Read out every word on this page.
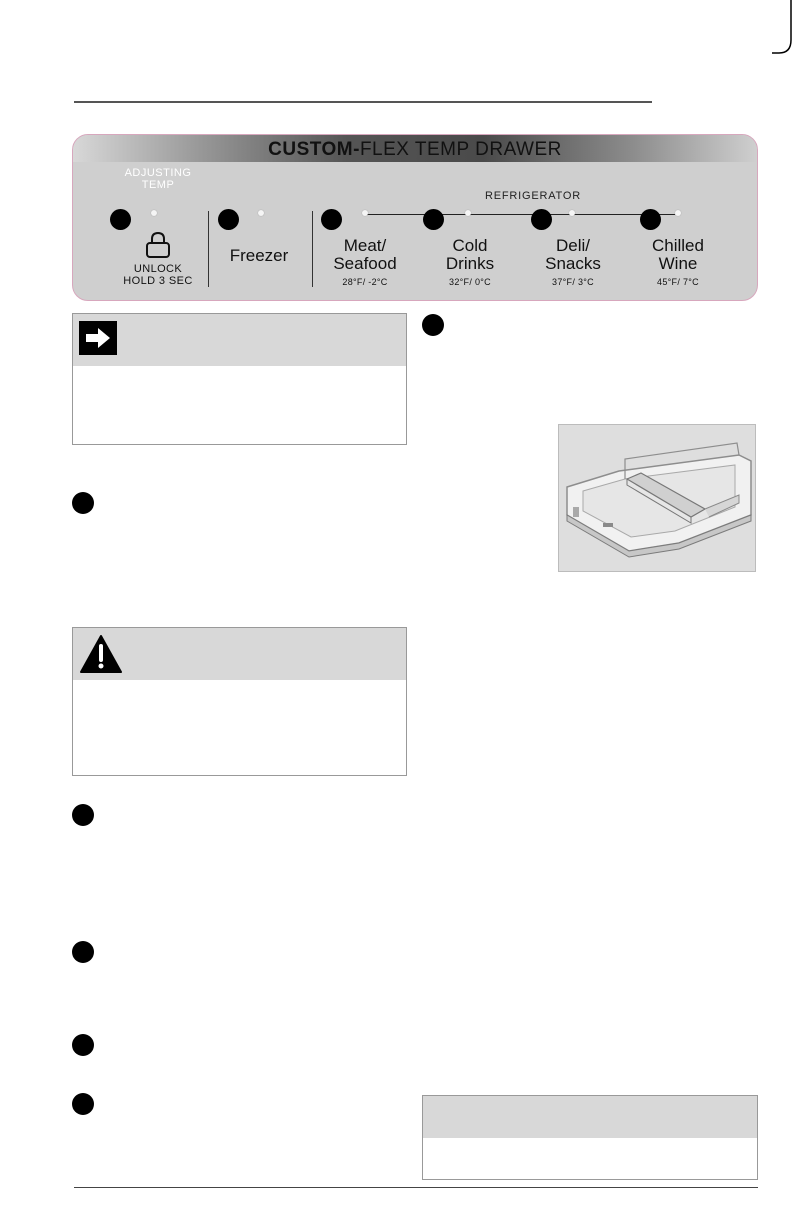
CUSTOM-FLEX TEMP DRAWER
ADJUSTING
TEMP
REFRIGERATOR
UNLOCK
HOLD 3 SEC
Freezer
Meat/
Seafood
28°F/ -2°C
Cold
Drinks
32°F/ 0°C
Deli/
Snacks
37°F/ 3°C
Chilled
Wine
45°F/ 7°C
